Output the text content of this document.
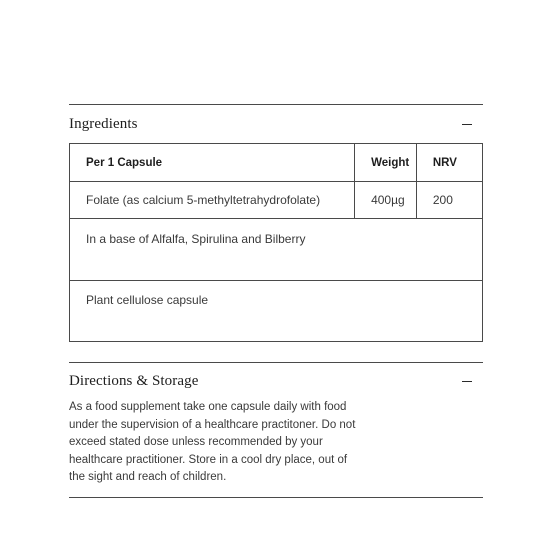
Ingredients
Per 1 Capsule	Weight	NRV
Folate (as calcium 5-methyltetrahydrofolate)	400µg	200
In a base of Alfalfa, Spirulina and Bilberry		
Plant cellulose capsule		
Directions & Storage

As a food supplement take one capsule daily with food under the supervision of a healthcare practitoner. Do not exceed stated dose unless recommended by your healthcare practitioner. Store in a cool dry place, out of the sight and reach of children.
